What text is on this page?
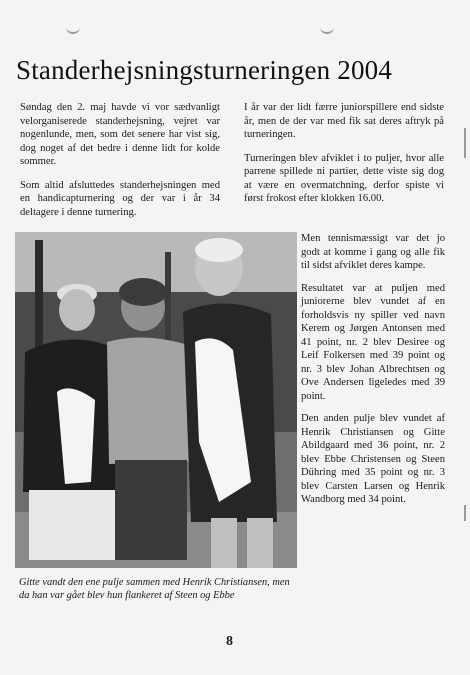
Standerhejsningsturneringen 2004

Søndag den 2. maj havde vi vor sædvanligt velorganiserede standerhejsning, vejret var nogenlunde, men, som det senere har vist sig, dog noget af det bedre i denne lidt for kolde sommer.

Som altid afsluttedes standerhejsningen med en handicapturnering og der var i år 34 deltagere i denne turnering.

I år var der lidt færre juniorspillere end sidste år, men de der var med fik sat deres aftryk på turneringen.

Turneringen blev afviklet i to puljer, hvor alle parrene spillede ni partier, dette viste sig dog at være en overmatchning, derfor spiste vi først frokost efter klokken 16.00.

Men tennismæssigt var det jo godt at komme i gang og alle fik til sidst afviklet deres kampe.

Resultatet var at puljen med juniorerne blev vundet af en forholdsvis ny spiller ved navn Kerem og Jørgen Antonsen med 41 point, nr. 2 blev Desiree og Leif Folkersen med 39 point og nr. 3 blev Johan Albrechtsen og Ove Andersen ligeledes med 39 point.

Den anden pulje blev vundet af Henrik Christiansen og Gitte Abildgaard med 36 point, nr. 2 blev Ebbe Christensen og Steen Dühring med 35 point og nr. 3 blev Carsten Larsen og Henrik Wandborg med 34 point.

Gitte vandt den ene pulje sammen med Henrik Christiansen, men da han var gået blev hun flankeret af Steen og Ebbe
8
